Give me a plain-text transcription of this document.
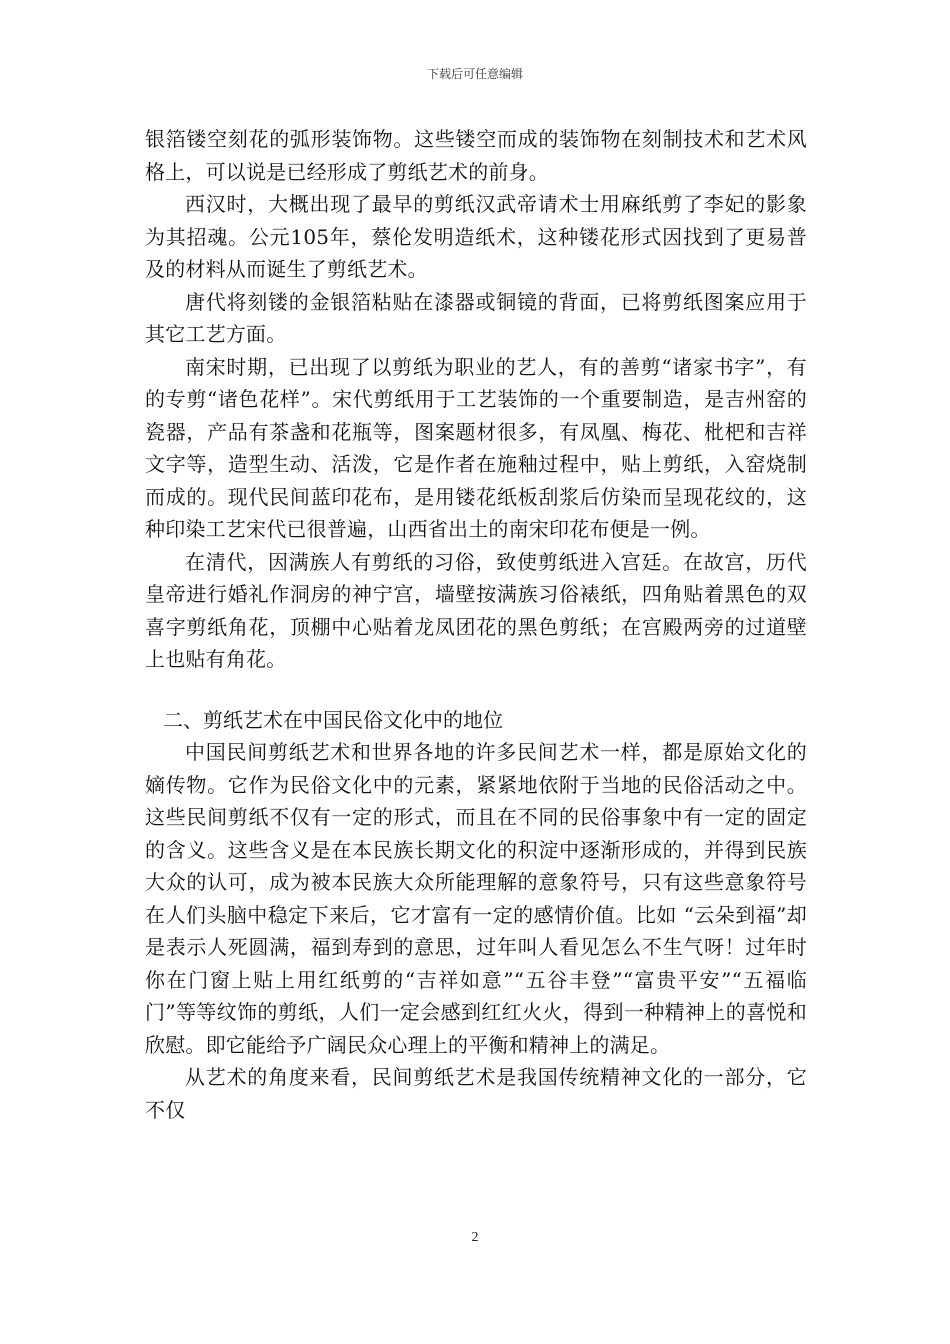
下载后可任意编辑

银箔镂空刻花的弧形装饰物。这些镂空而成的装饰物在刻制技术和艺术风格上，可以说是已经形成了剪纸艺术的前身。

西汉时，大概出现了最早的剪纸汉武帝请术士用麻纸剪了李妃的影象为其招魂。公元105年，蔡伦发明造纸术，这种镂花形式因找到了更易普及的材料从而诞生了剪纸艺术。

唐代将刻镂的金银箔粘贴在漆器或铜镜的背面，已将剪纸图案应用于其它工艺方面。

南宋时期，已出现了以剪纸为职业的艺人，有的善剪“诸家书字”，有的专剪“诸色花样”。宋代剪纸用于工艺装饰的一个重要制造，是吉州窑的瓷器，产品有茶盏和花瓶等，图案题材很多，有凤凰、梅花、枇杷和吉祥文字等，造型生动、活泼，它是作者在施釉过程中，贴上剪纸，入窑烧制而成的。现代民间蓝印花布，是用镂花纸板刮浆后仿染而呈现花纹的，这种印染工艺宋代已很普遍，山西省出土的南宋印花布便是一例。

在清代，因满族人有剪纸的习俗，致使剪纸进入宫廷。在故宫，历代皇帝进行婚礼作洞房的神宁宫，墙壁按满族习俗裱纸，四角贴着黑色的双喜字剪纸角花，顶棚中心贴着龙凤团花的黑色剪纸；在宫殿两旁的过道壁上也贴有角花。

二、剪纸艺术在中国民俗文化中的地位

中国民间剪纸艺术和世界各地的许多民间艺术一样，都是原始文化的嫡传物。它作为民俗文化中的元素，紧紧地依附于当地的民俗活动之中。这些民间剪纸不仅有一定的形式，而且在不同的民俗事象中有一定的固定的含义。这些含义是在本民族长期文化的积淀中逐渐形成的，并得到民族大众的认可，成为被本民族大众所能理解的意象符号，只有这些意象符号在人们头脑中稳定下来后，它才富有一定的感情价值。比如 “云朵到福”却是表示人死圆满，福到寿到的意思，过年叫人看见怎么不生气呀！过年时你在门窗上贴上用红纸剪的“吉祥如意”“五谷丰登”“富贵平安”“五福临门”等等纹饰的剪纸，人们一定会感到红红火火，得到一种精神上的喜悦和欣慰。即它能给予广阔民众心理上的平衡和精神上的满足。

从艺术的角度来看，民间剪纸艺术是我国传统精神文化的一部分，它不仅

2
